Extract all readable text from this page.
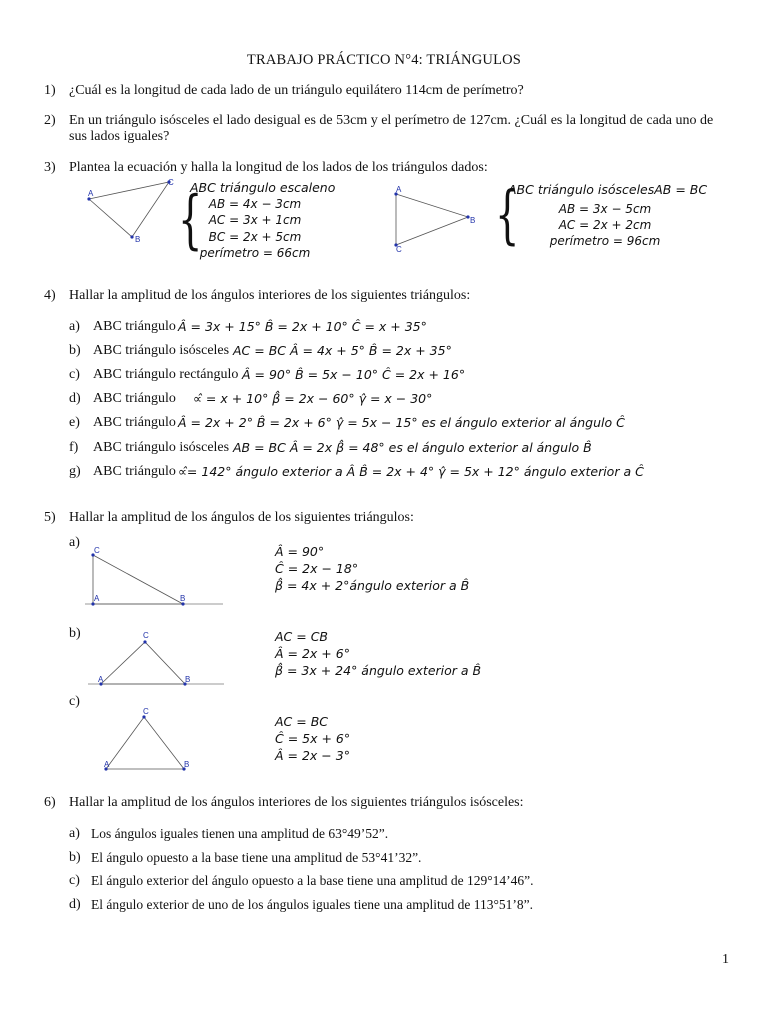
TRABAJO PRÁCTICO N°4: TRIÁNGULOS
1) ¿Cuál es la longitud de cada lado de un triángulo equilátero 114cm de perímetro?
2) En un triángulo isósceles el lado desigual es de 53cm y el perímetro de 127cm. ¿Cuál es la longitud de cada uno de
sus lados iguales?
3) Plantea la ecuación y halla la longitud de los lados de los triángulos dados:
A
B
C
{
ABC triángulo escaleno
AB = 4x − 3cm
AC = 3x + 1cm
BC = 2x + 5cm
perímetro = 66cm
A
B
C {
ABC triángulo isóscelesAB = BC
AB = 3x − 5cm
AC = 2x + 2cm
perímetro = 96cm
4) Hallar la amplitud de los ángulos interiores de los siguientes triángulos:
a) ABC triángulo Â = 3x + 15° B̂ = 2x + 10° Ĉ = x + 35°
b) ABC triángulo isósceles AC = BC Â = 4x + 5° B̂ = 2x + 35°
c) ABC triángulo rectángulo Â = 90° B̂ = 5x − 10° Ĉ = 2x + 16°
d) ABC triángulo ∝̂ = x + 10° β̂ = 2x − 60° γ̂ = x − 30°
e) ABC triángulo Â = 2x + 2° B̂ = 2x + 6° γ̂ = 5x − 15° es el ángulo exterior al ángulo Ĉ
f) ABC triángulo isósceles AB = BC Â = 2x β̂ = 48° es el ángulo exterior al ángulo B̂
g) ABC triángulo ∝̂= 142° ángulo exterior a Â B̂ = 2x + 4° γ̂ = 5x + 12° ángulo exterior a Ĉ
5) Hallar la amplitud de los ángulos de los siguientes triángulos:
a)
C
A	B
Â = 90°
Ĉ = 2x − 18°
β̂ = 4x + 2°ángulo exterior a B̂
b)	C
A	B
AC = CB
Â = 2x + 6°
β̂ = 3x + 24° ángulo exterior a B̂
c)
C
A	B
AC = BC
Ĉ = 5x + 6°
Â = 2x − 3°
6) Hallar la amplitud de los ángulos interiores de los siguientes triángulos isósceles:
a) Los ángulos iguales tienen una amplitud de 63°49’52”.
b) El ángulo opuesto a la base tiene una amplitud de 53°41’32”.
c) El ángulo exterior del ángulo opuesto a la base tiene una amplitud de 129°14’46”.
d) El ángulo exterior de uno de los ángulos iguales tiene una amplitud de 113°51’8”.
1
